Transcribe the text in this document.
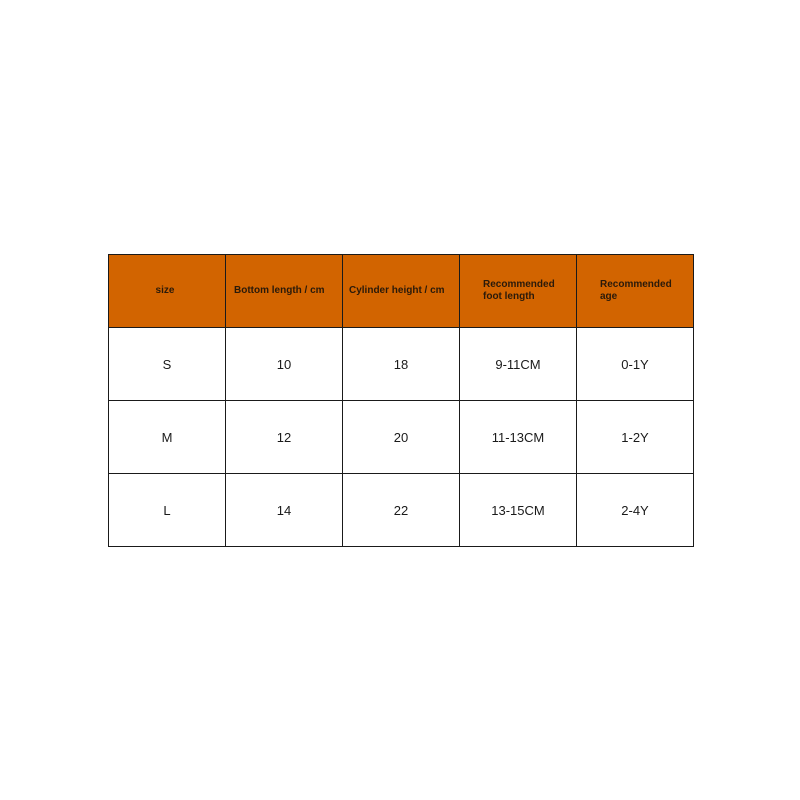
size	Bottom length / cm	Cylinder height / cm	Recommended foot length	Recommended age

S	10	18	9-11CM	0-1Y
M	12	20	11-13CM	1-2Y
L	14	22	13-15CM	2-4Y
